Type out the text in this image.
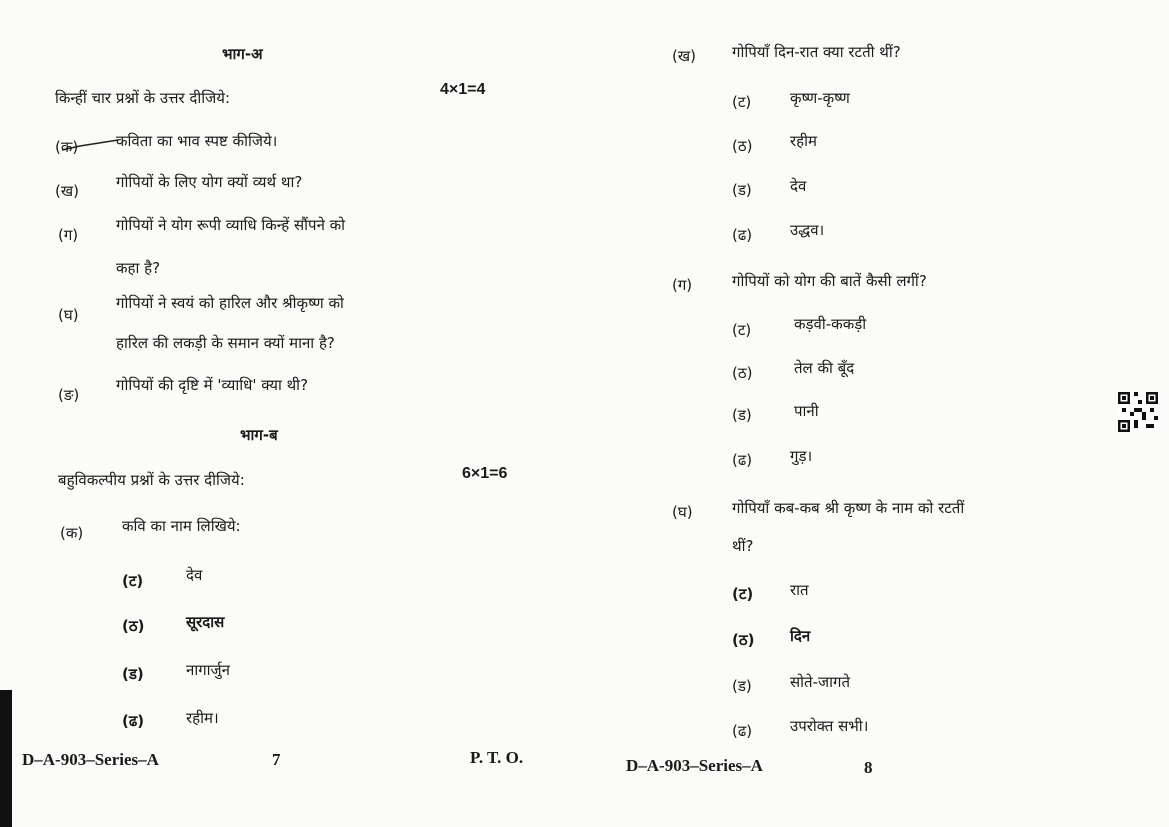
भाग-अ
किन्हीं चार प्रश्नों के उत्तर दीजिये:	4×1=4
(क)	कविता का भाव स्पष्ट कीजिये।
(ख) गोपियों के लिए योग क्यों व्यर्थ था?
(ग)
गोपियों ने योग रूपी व्याधि किन्हें सौंपने को
कहा है?
(घ)
गोपियों ने स्वयं को हारिल और श्रीकृष्ण को
हारिल की लकड़ी के समान क्यों माना है?
(ङ)
गोपियों की दृष्टि में 'व्याधि' क्या थी?
भाग-ब
बहुविकल्पीय प्रश्नों के उत्तर दीजिये:	6×1=6
(क)	कवि का नाम लिखिये:
(ट)	देव
(ठ)	सूरदास
(ड)	नागार्जुन
(ढ)	रहीम।
D–A-903–Series–A	7	P. T. O.
(ख) गोपियाँ दिन-रात क्या रटती थीं?
(ट)	कृष्ण-कृष्ण
(ठ)	रहीम
(ड)	देव
(ढ)	उद्धव।
(ग)	गोपियों को योग की बातें कैसी लगीं?
(ट)	कड़वी-ककड़ी
(ठ)	तेल की बूँद
(ड)	पानी
(ढ)	गुड़।
(घ)	गोपियाँ कब-कब श्री कृष्ण के नाम को रटतीं
थीं?
(ट) रात
(ठ) दिन
(ड)	सोते-जागते
(ढ)	उपरोक्त सभी।
D–A-903–Series–A	8
